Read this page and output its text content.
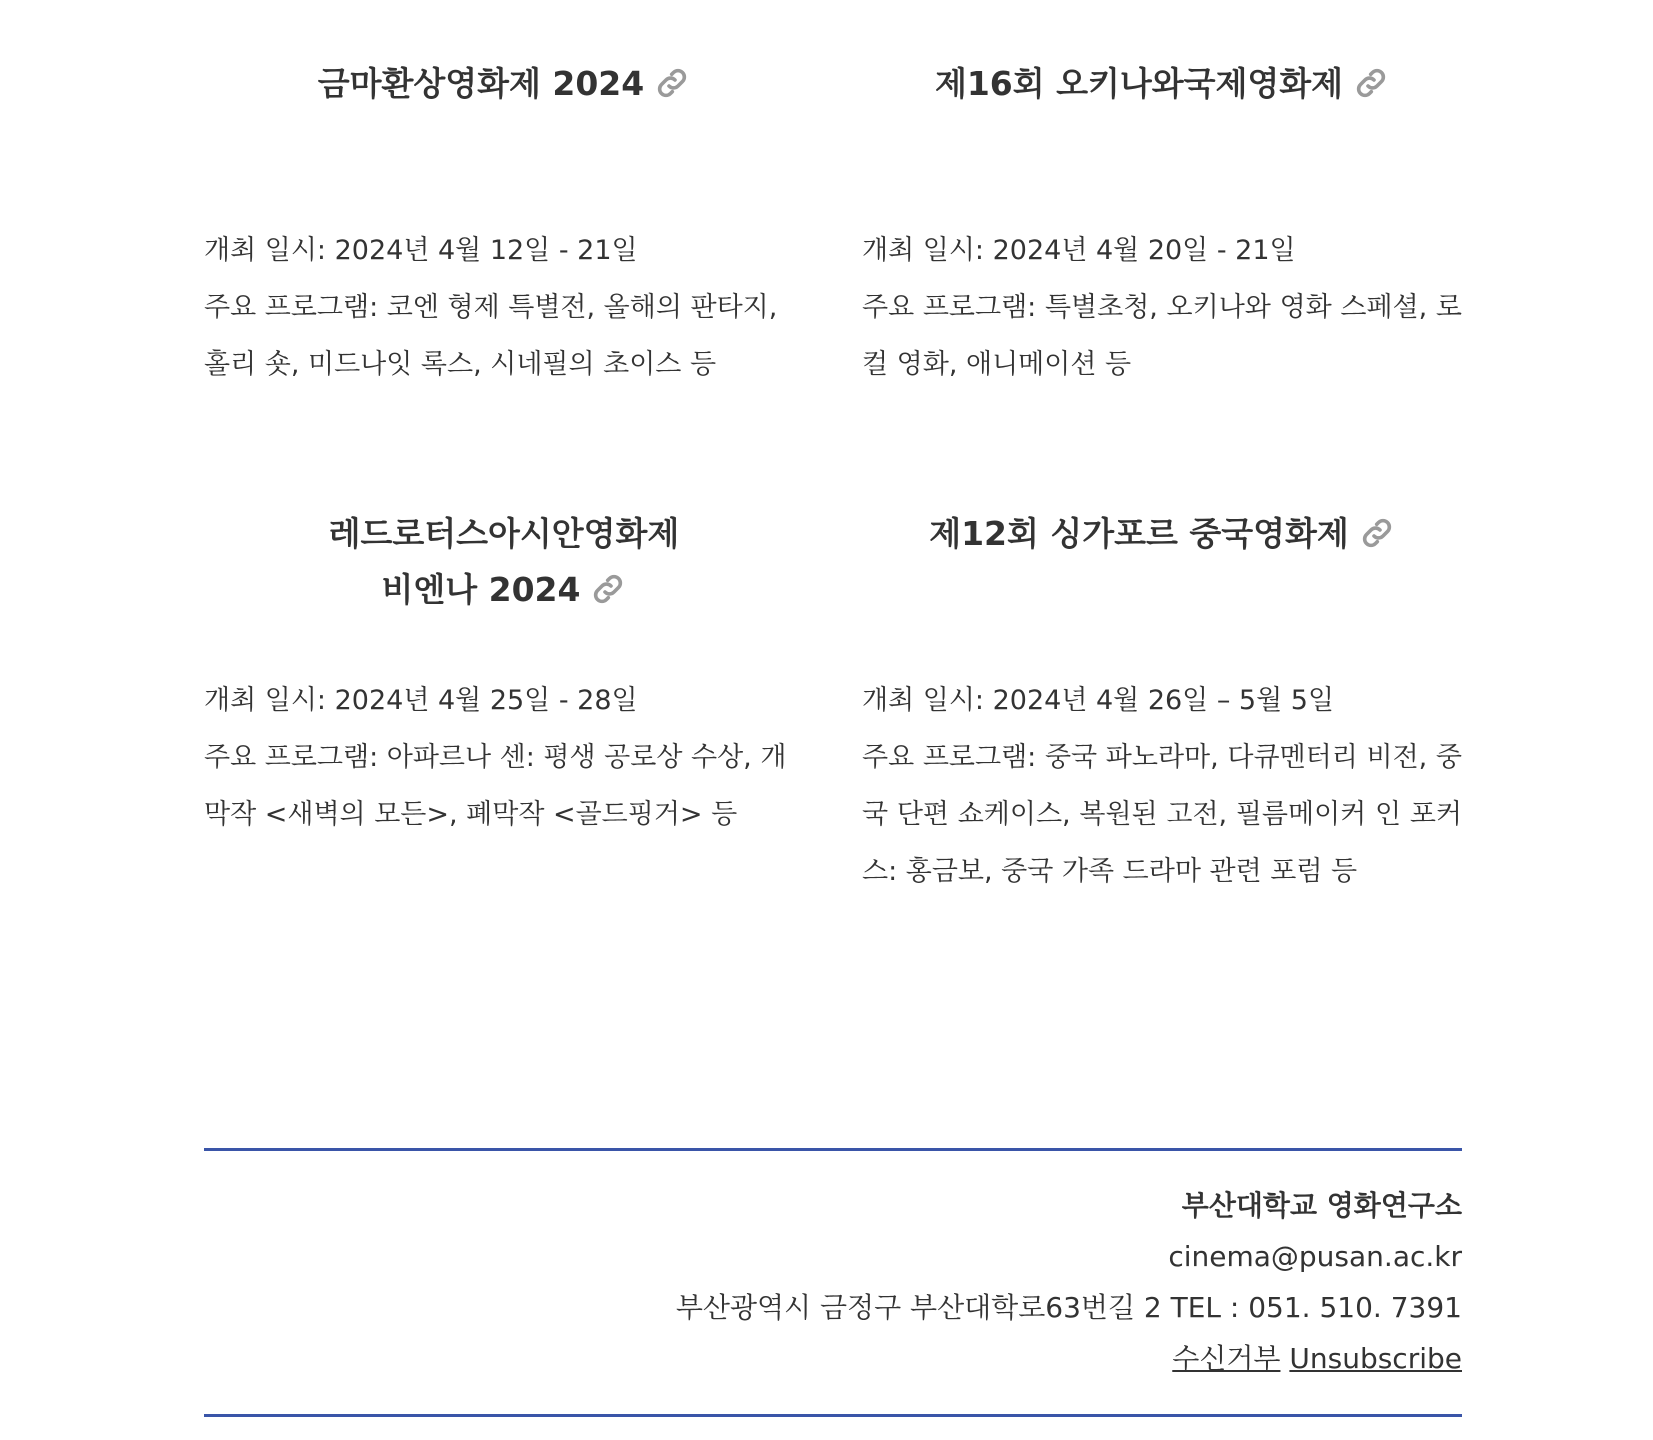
금마환상영화제 2024

개최 일시: 2024년 4월 12일 - 21일

주요 프로그램: 코엔 형제 특별전, 올해의 판타지, 홀리 숏, 미드나잇 록스, 시네필의 초이스 등

제16회 오키나와국제영화제

개최 일시: 2024년 4월 20일 - 21일

주요 프로그램: 특별초청, 오키나와 영화 스페셜, 로컬 영화, 애니메이션 등

레드로터스아시안영화제

비엔나 2024

개최 일시: 2024년 4월 25일 - 28일

주요 프로그램: 아파르나 센: 평생 공로상 수상, 개막작 <새벽의 모든>, 폐막작 <골드핑거> 등

제12회 싱가포르 중국영화제

개최 일시: 2024년 4월 26일 – 5월 5일

주요 프로그램: 중국 파노라마, 다큐멘터리 비전, 중국 단편 쇼케이스, 복원된 고전, 필름메이커 인 포커스: 홍금보, 중국 가족 드라마 관련 포럼 등

부산대학교 영화연구소
cinema@pusan.ac.kr
부산광역시 금정구 부산대학로63번길 2 TEL : 051. 510. 7391
수신거부 Unsubscribe
